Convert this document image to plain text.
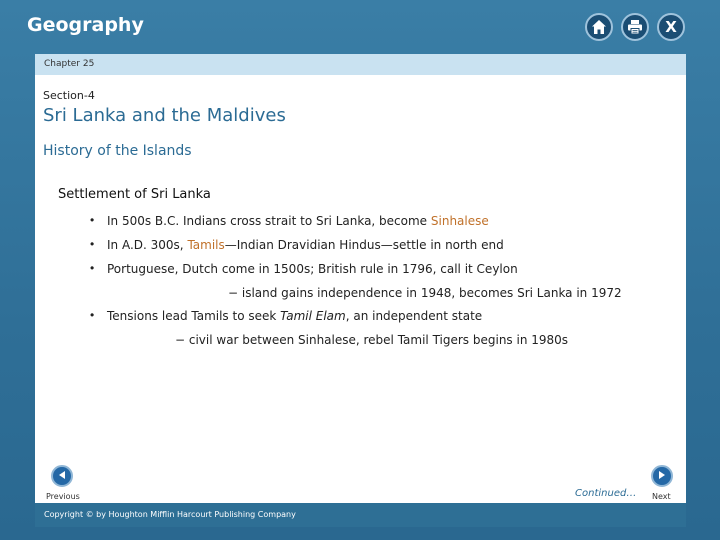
Geography	X
Chapter 25
Section-4
Sri Lanka and the Maldives
History of the Islands
Settlement of Sri Lanka
• In 500s B.C. Indians cross strait to Sri Lanka, become Sinhalese
• In A.D. 300s, Tamils—Indian Dravidian Hindus—settle in north end
• Portuguese, Dutch come in 1500s; British rule in 1796, call it Ceylon
− island gains independence in 1948, becomes Sri Lanka in 1972
• Tensions lead Tamils to seek Tamil Elam, an independent state
− civil war between Sinhalese, rebel Tamil Tigers begins in 1980s
Previous	Continued… Next
Copyright © by Houghton Mifflin Harcourt Publishing Company
